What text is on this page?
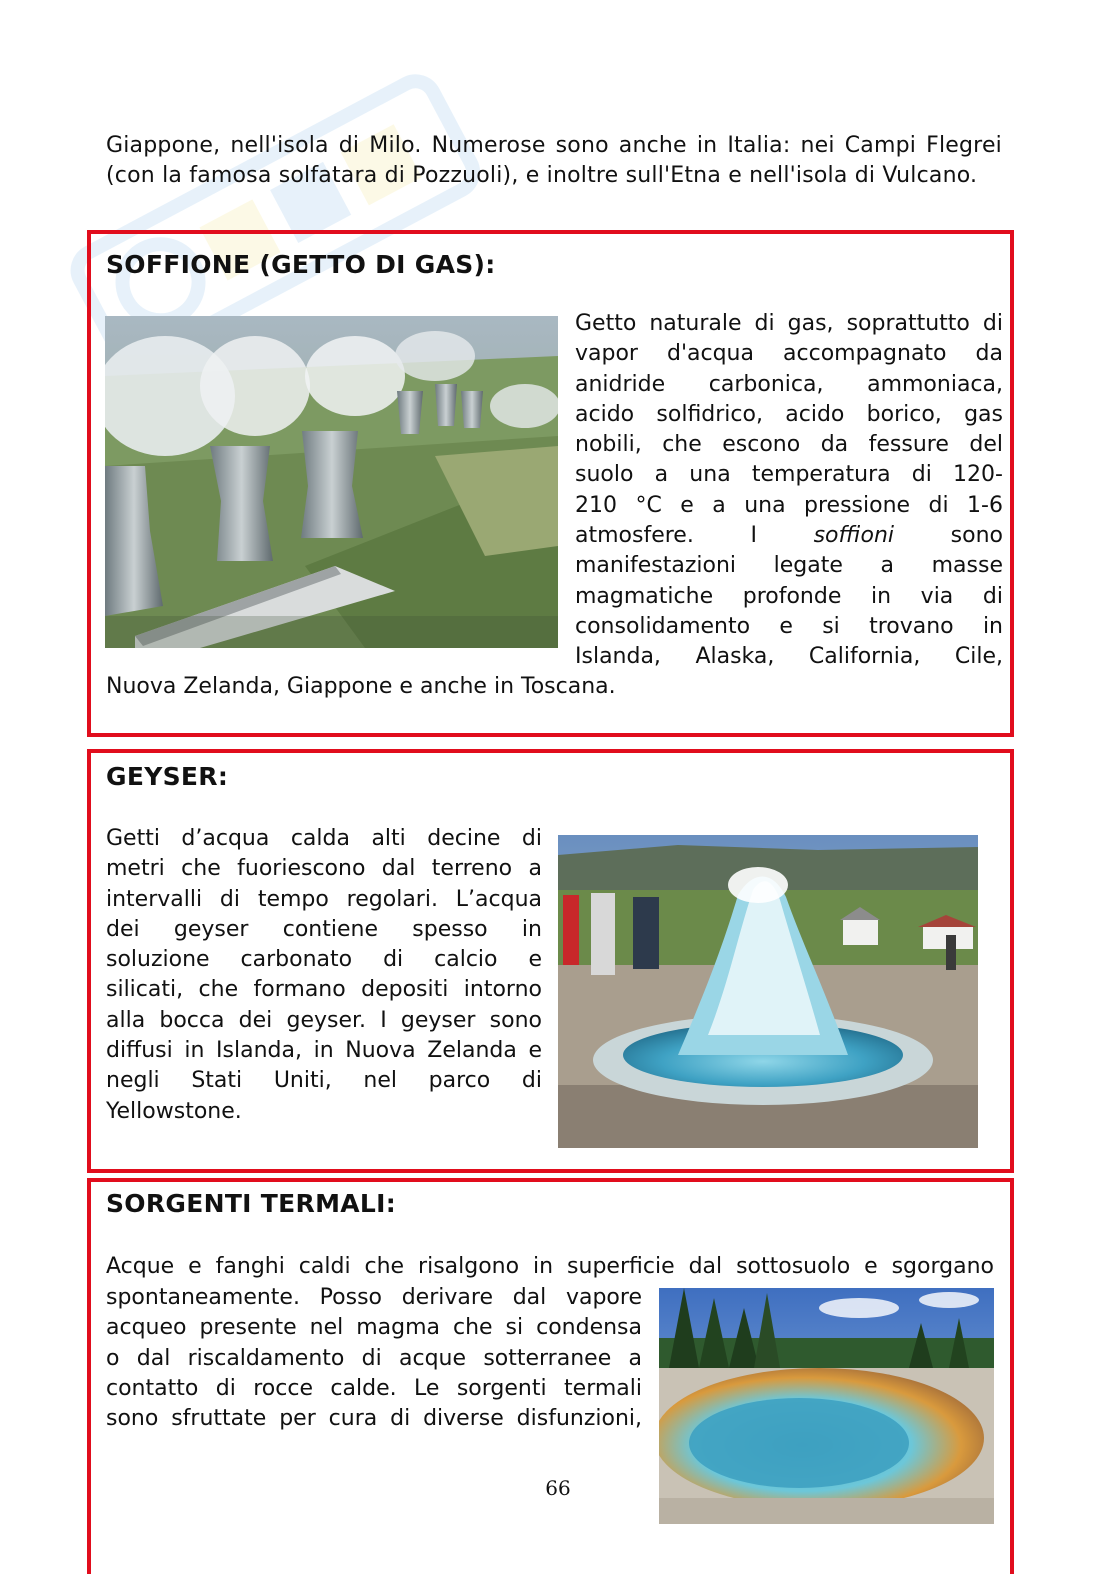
Giappone, nell'isola di Milo. Numerose sono anche in Italia: nei Campi Flegrei (con la famosa solfatara di Pozzuoli), e inoltre sull'Etna e nell'isola di Vulcano.
SOFFIONE (GETTO DI GAS):
Getto naturale di gas, soprattutto di
vapor d'acqua accompagnato da
anidride carbonica, ammoniaca,
acido solfidrico, acido borico, gas
nobili, che escono da fessure del
suolo a una temperatura di 120-
210 °C e a una pressione di 1-6
atmosfere.	I	soffioni	sono
manifestazioni legate a masse
magmatiche profonde in via di
consolidamento e si trovano in
Islanda, Alaska, California, Cile,
Nuova Zelanda, Giappone e anche in Toscana.
GEYSER:
Getti d’acqua calda alti decine di
metri che fuoriescono dal terreno a
intervalli di tempo regolari. L’acqua
dei geyser contiene spesso in
soluzione carbonato di calcio e
silicati, che formano depositi intorno
alla bocca dei geyser. I geyser sono
diffusi in Islanda, in Nuova Zelanda e
negli Stati Uniti, nel parco di
Yellowstone.
SORGENTI TERMALI:
Acque e fanghi caldi che risalgono in superficie dal sottosuolo e sgorgano
spontaneamente. Posso derivare dal vapore
acqueo presente nel magma che si condensa
o dal riscaldamento di acque sotterranee a
contatto di rocce calde. Le sorgenti termali
sono sfruttate per cura di diverse disfunzioni,
66
